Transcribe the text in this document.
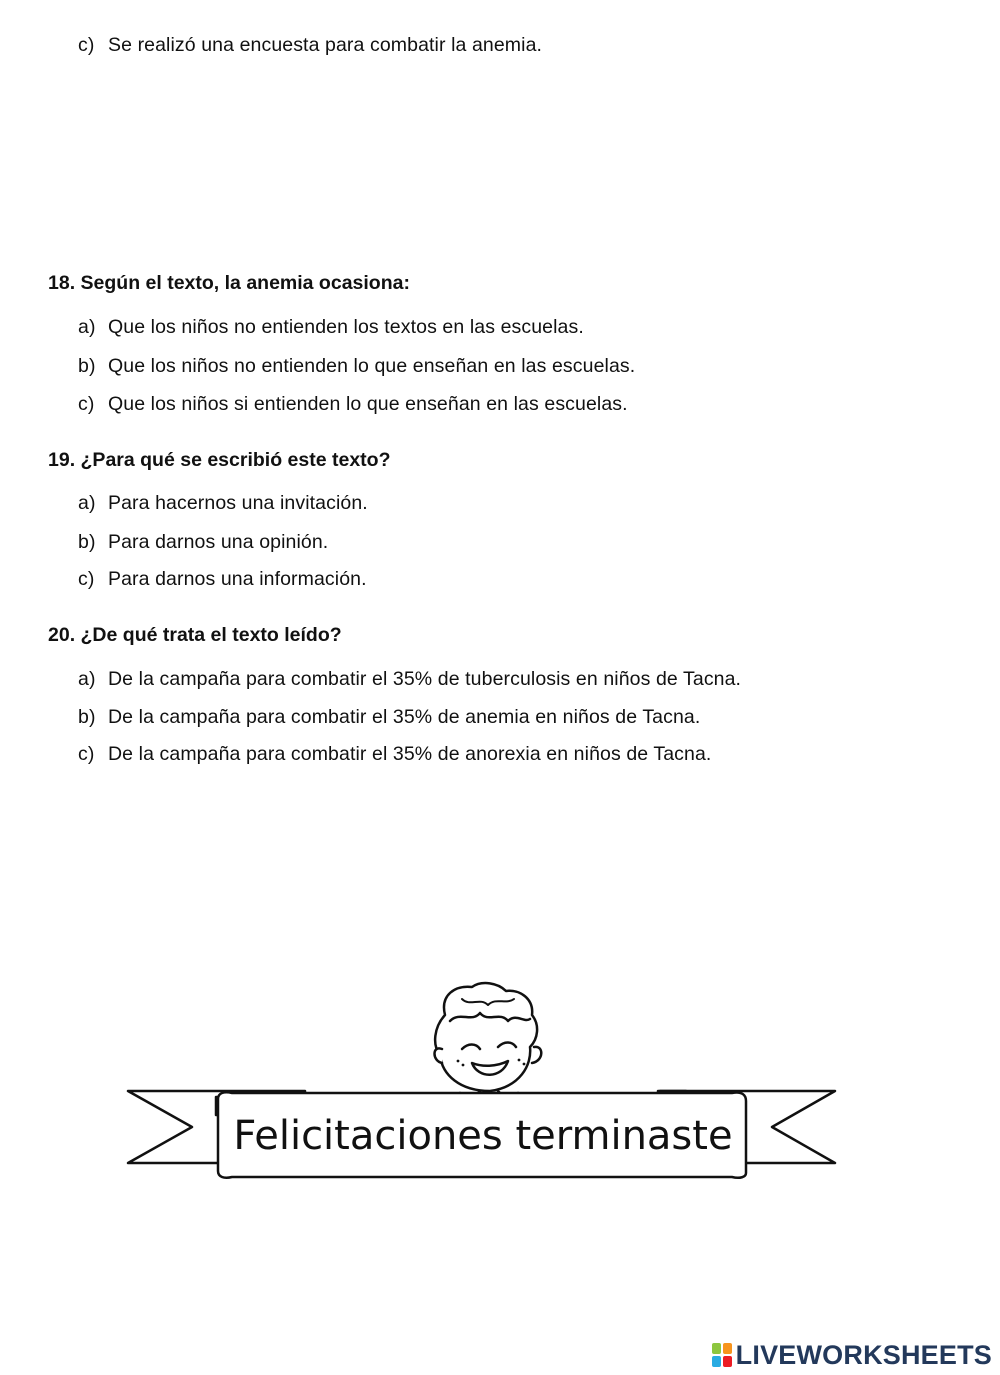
c) Se realizó una encuesta para combatir la anemia.
18. Según el texto, la anemia ocasiona:
a) Que los niños no entienden los textos en las escuelas.
b) Que los niños no entienden lo que enseñan en las escuelas.
c) Que los niños si entienden lo que enseñan en las escuelas.
19. ¿Para qué se escribió este texto?
a) Para hacernos una invitación.
b) Para darnos una opinión.
c) Para darnos una información.
20. ¿De qué trata el texto leído?
a) De la campaña para combatir el 35% de tuberculosis en niños de Tacna.
b) De la campaña para combatir el 35% de anemia en niños de Tacna.
c) De la campaña para combatir el 35% de anorexia en niños de Tacna.
Felicitaciones terminaste
LIVEWORKSHEETS
